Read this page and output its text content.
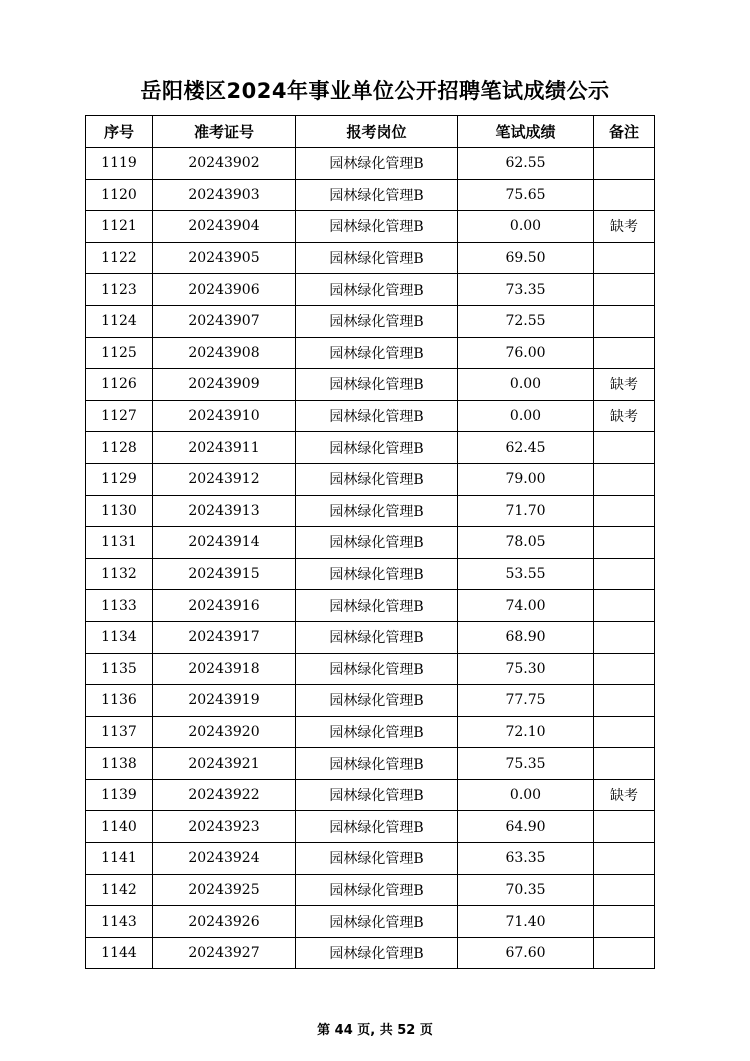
岳阳楼区2024年事业单位公开招聘笔试成绩公示
序号	准考证号	报考岗位	笔试成绩	备注
1119	20243902	园林绿化管理B	62.55	
1120	20243903	园林绿化管理B	75.65	
1121	20243904	园林绿化管理B	0.00	缺考
1122	20243905	园林绿化管理B	69.50	
1123	20243906	园林绿化管理B	73.35	
1124	20243907	园林绿化管理B	72.55	
1125	20243908	园林绿化管理B	76.00	
1126	20243909	园林绿化管理B	0.00	缺考
1127	20243910	园林绿化管理B	0.00	缺考
1128	20243911	园林绿化管理B	62.45	
1129	20243912	园林绿化管理B	79.00	
1130	20243913	园林绿化管理B	71.70	
1131	20243914	园林绿化管理B	78.05	
1132	20243915	园林绿化管理B	53.55	
1133	20243916	园林绿化管理B	74.00	
1134	20243917	园林绿化管理B	68.90	
1135	20243918	园林绿化管理B	75.30	
1136	20243919	园林绿化管理B	77.75	
1137	20243920	园林绿化管理B	72.10	
1138	20243921	园林绿化管理B	75.35	
1139	20243922	园林绿化管理B	0.00	缺考
1140	20243923	园林绿化管理B	64.90	
1141	20243924	园林绿化管理B	63.35	
1142	20243925	园林绿化管理B	70.35	
1143	20243926	园林绿化管理B	71.40	
1144	20243927	园林绿化管理B	67.60	
第 44 页, 共 52 页
